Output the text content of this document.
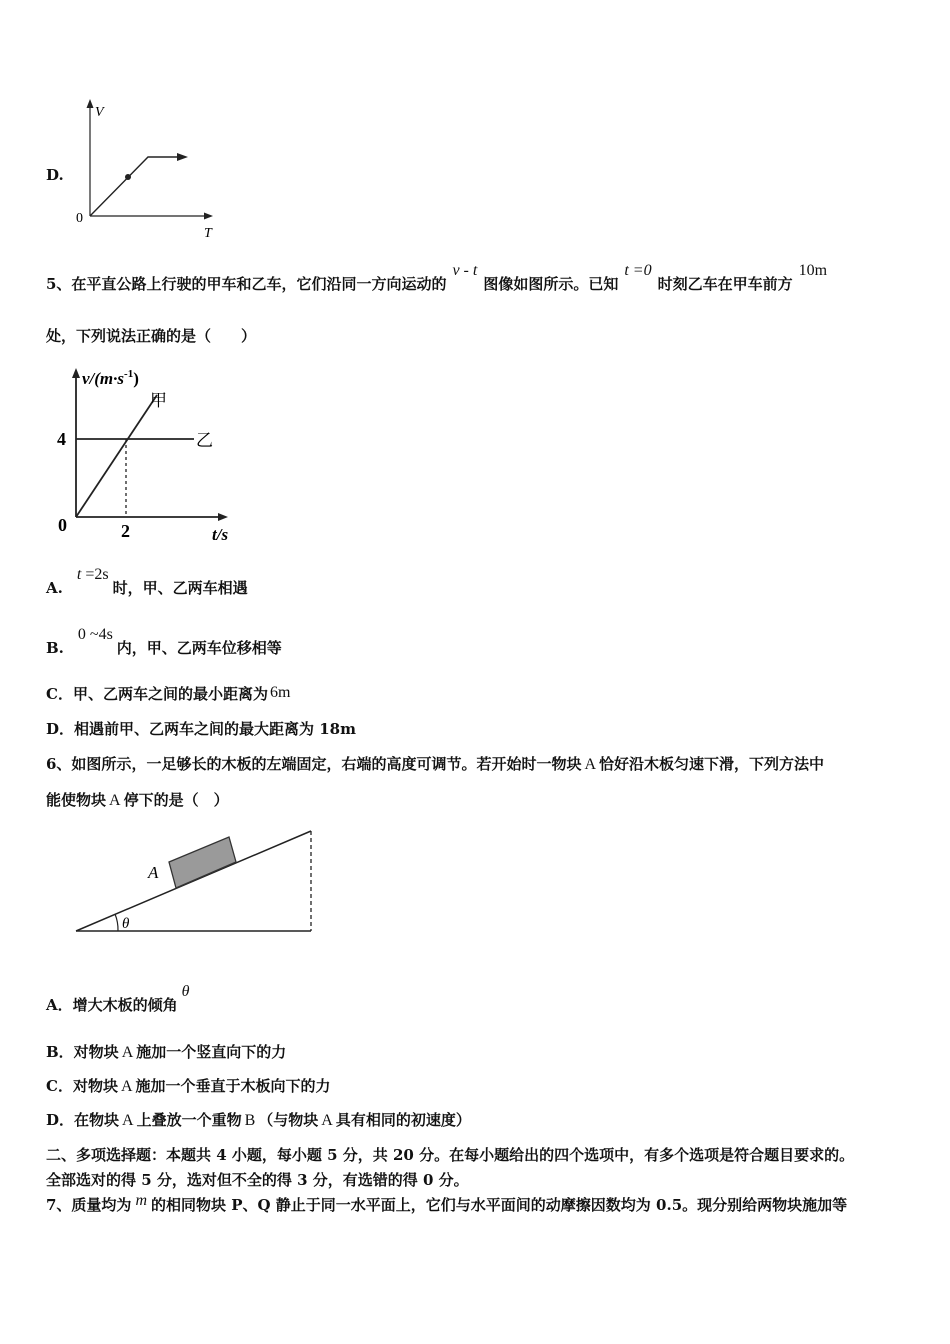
D.
V
T
0
5、在平直公路上行驶的甲车和乙车，它们沿同一方向运动的v - t图像如图所示。已知t =0时刻乙车在甲车前方10m
处，下列说法正确的是（　　）
$v/(m\cdot s^{-1})$
甲
乙
4
0	2	t/s
A.t =2s时，甲、乙两车相遇
B.0 ~4s内，甲、乙两车位移相等
C．甲、乙两车之间的最小距离为 6m
D．相遇前甲、乙两车之间的最大距离为 18m
6、如图所示，一足够长的木板的左端固定，右端的高度可调节。若开始时一物块 A 恰好沿木板匀速下滑，下列方法中
能使物块 A 停下的是（　）
A
θ
A．增大木板的倾角θ
B．对物块 A 施加一个竖直向下的力
C．对物块 A 施加一个垂直于木板向下的力
D．在物块 A 上叠放一个重物 B （与物块 A 具有相同的初速度）
二、多项选择题：本题共 4 小题，每小题 5 分，共 20 分。在每小题给出的四个选项中，有多个选项是符合题目要求的。
全部选对的得 5 分，选对但不全的得 3 分，有选错的得 0 分。
7、质量均为 m 的相同物块 P、Q 静止于同一水平面上，它们与水平面间的动摩擦因数均为 0.5。现分别给两物块施加等
